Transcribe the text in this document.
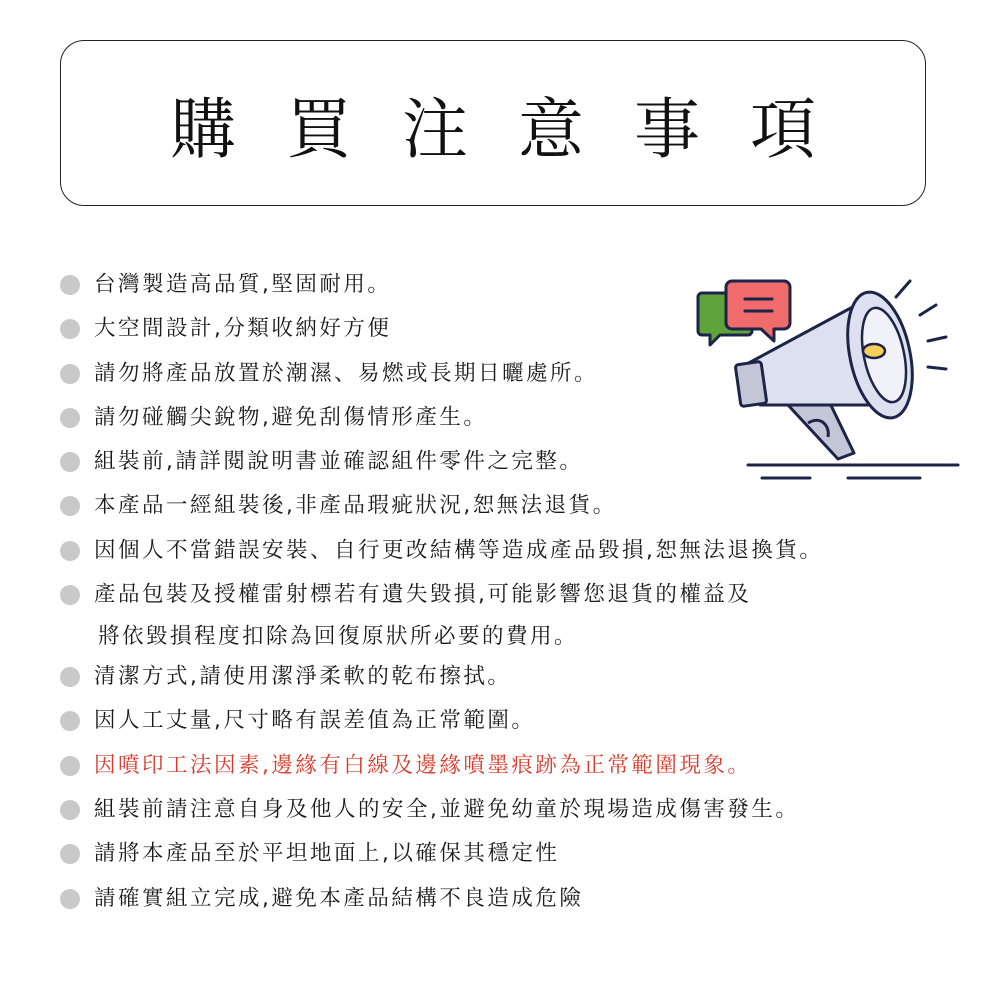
購買注意事項
台灣製造高品質,堅固耐用。
大空間設計,分類收納好方便
請勿將產品放置於潮濕、易燃或長期日曬處所。
請勿碰觸尖銳物,避免刮傷情形產生。
組裝前,請詳閱說明書並確認組件零件之完整。
本產品一經組裝後,非產品瑕疵狀況,恕無法退貨。
因個人不當錯誤安裝、自行更改結構等造成產品毀損,恕無法退換貨。
產品包裝及授權雷射標若有遺失毀損,可能影響您退貨的權益及
將依毀損程度扣除為回復原狀所必要的費用。
清潔方式,請使用潔淨柔軟的乾布擦拭。
因人工丈量,尺寸略有誤差值為正常範圍。
因噴印工法因素,邊緣有白線及邊緣噴墨痕跡為正常範圍現象。
組裝前請注意自身及他人的安全,並避免幼童於現場造成傷害發生。
請將本產品至於平坦地面上,以確保其穩定性
請確實組立完成,避免本產品結構不良造成危險
